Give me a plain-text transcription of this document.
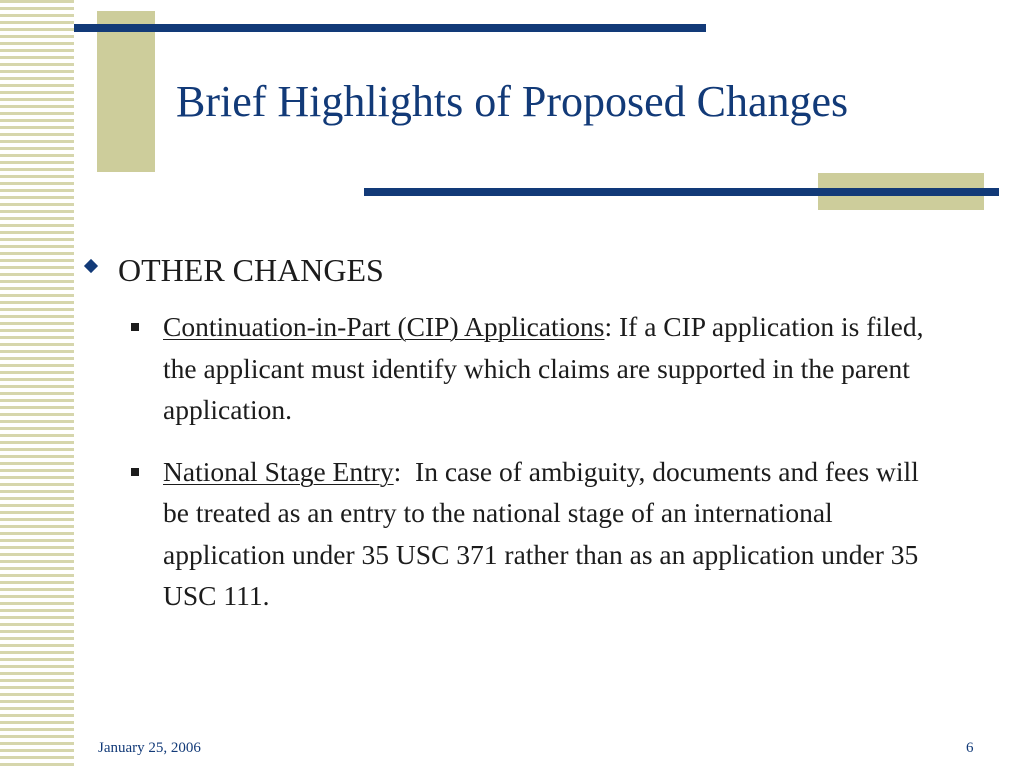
Brief Highlights of Proposed Changes
OTHER CHANGES
Continuation-in-Part (CIP) Applications: If a CIP application is filed, the applicant must identify which claims are supported in the parent application.
National Stage Entry:  In case of ambiguity, documents and fees will be treated as an entry to the national stage of an international application under 35 USC 371 rather than as an application under 35 USC 111.
January 25, 2006	6
